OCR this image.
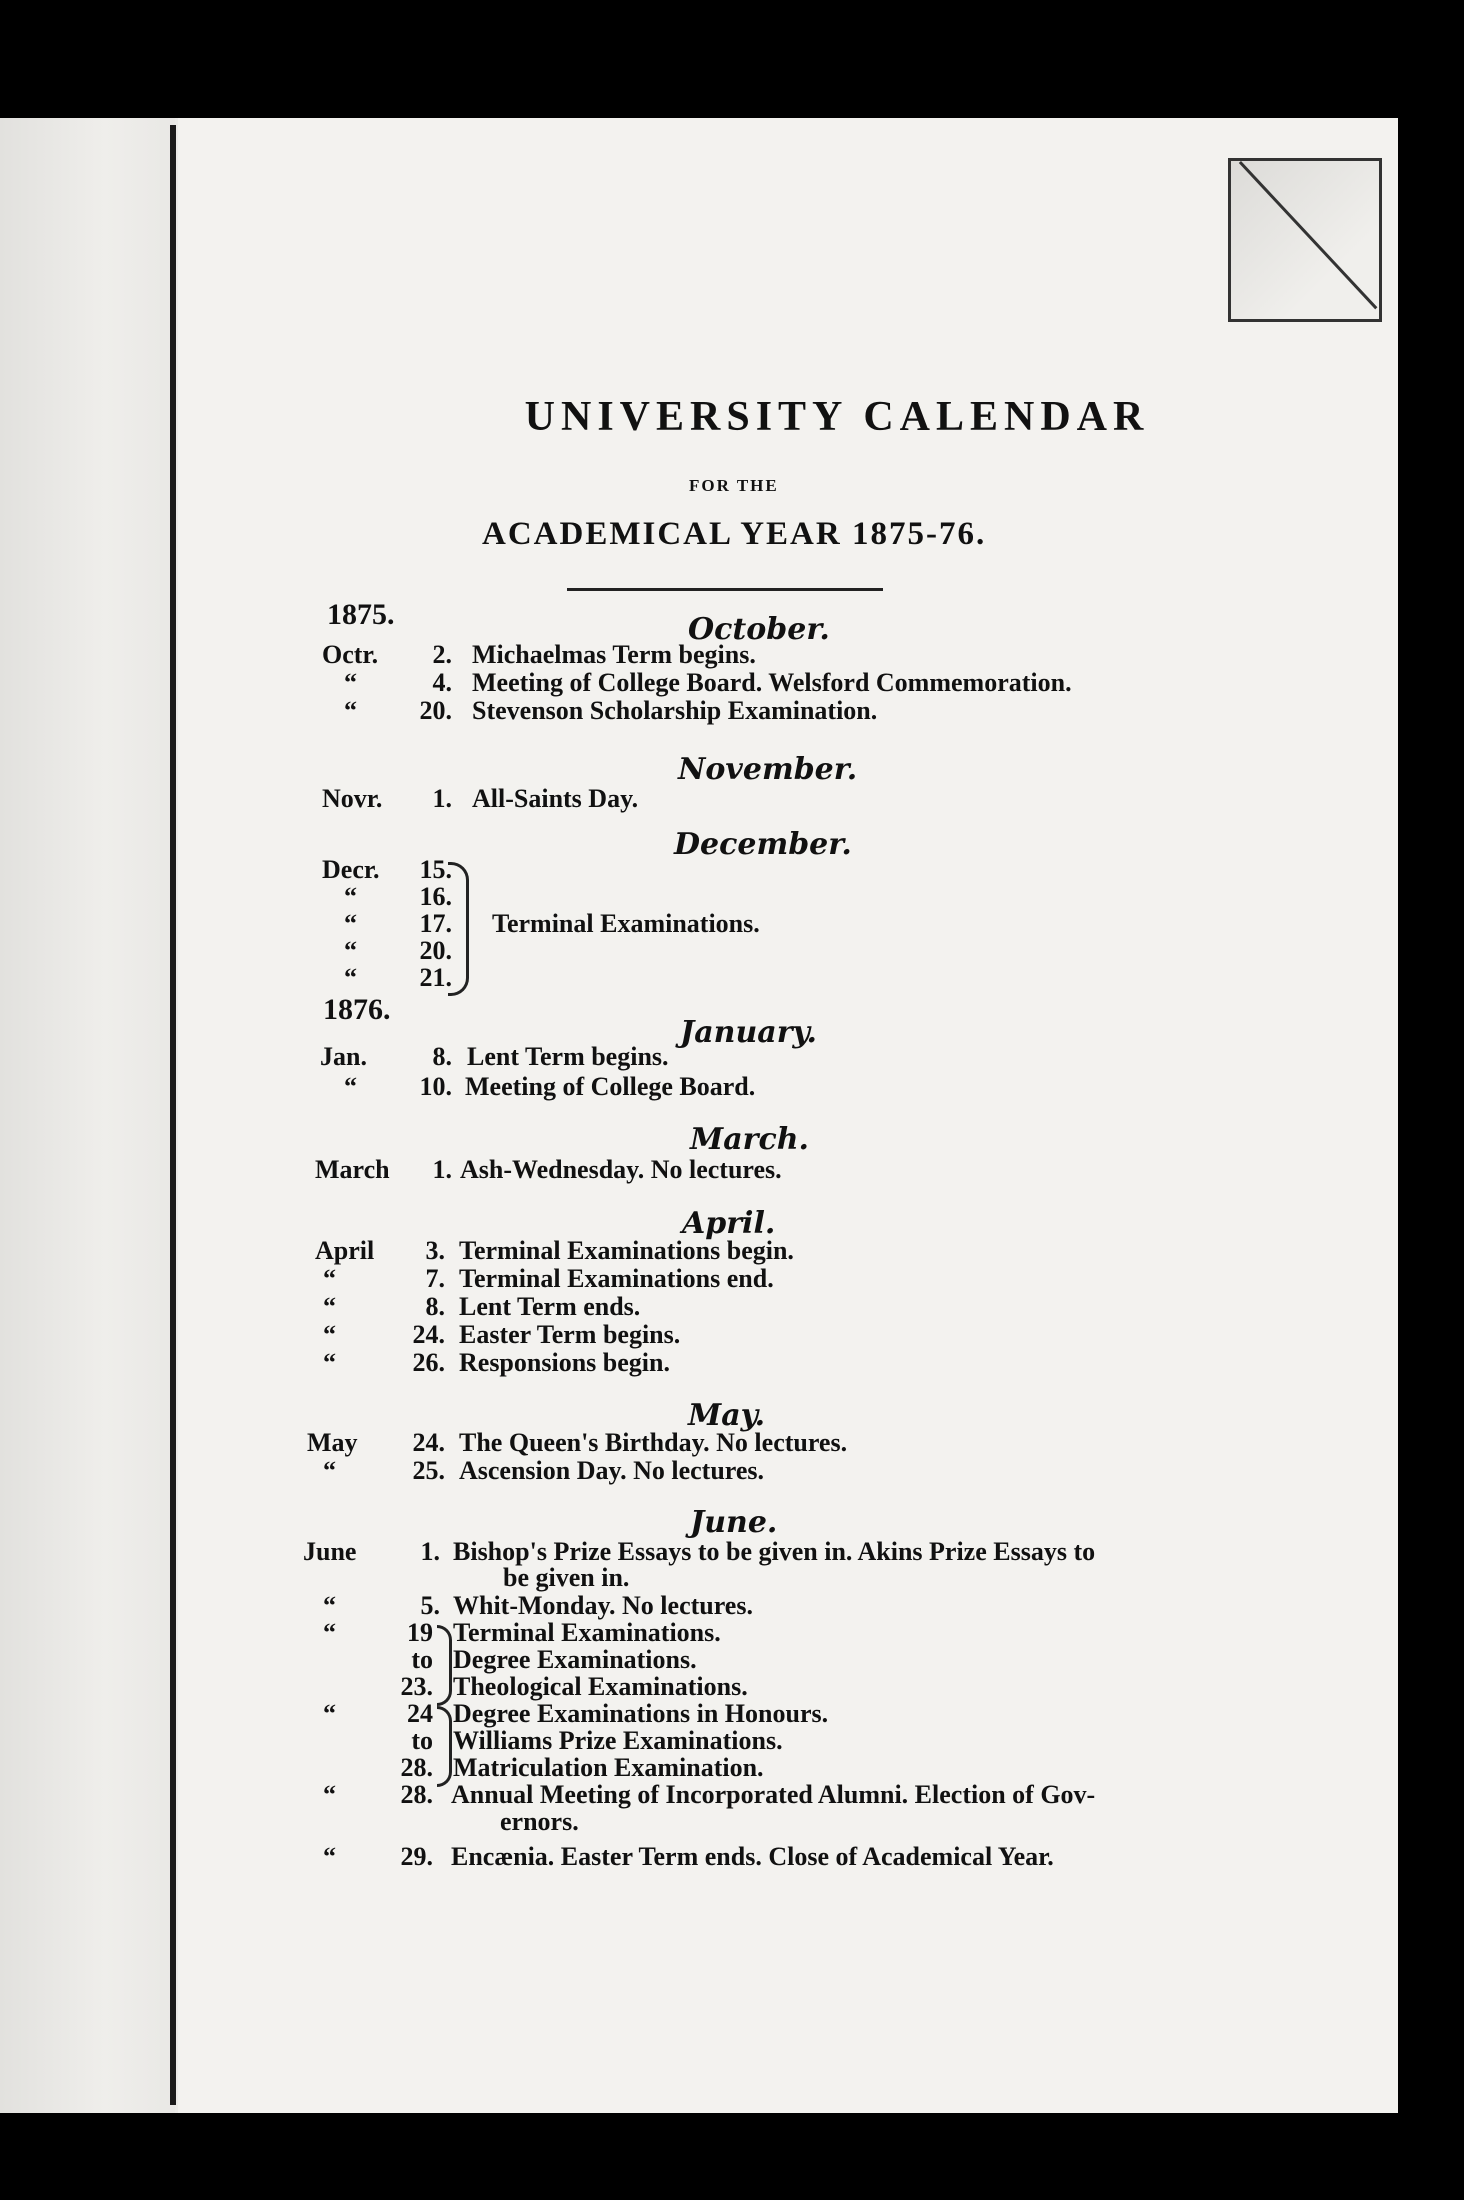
UNIVERSITY CALENDAR
FOR THE
ACADEMICAL YEAR 1875-76.
1875.	October.
Octr.	2. Michaelmas Term begins.
“	4. Meeting of College Board. Welsford Commemoration.
“	20. Stevenson Scholarship Examination.
November.
Novr.	1. All-Saints Day.
December.
Decr.	15.
“	16.
“	17. Terminal Examinations.
“	20.
“	21.
1876.
January.
Jan.	8. Lent Term begins.
“	10. Meeting of College Board.
March.
March	1. Ash-Wednesday. No lectures.
April.
April	3. Terminal Examinations begin.
“	7. Terminal Examinations end.
“	8. Lent Term ends.
“	24. Easter Term begins.
“	26. Responsions begin.
May.
May	24. The Queen's Birthday. No lectures.
“	25. Ascension Day. No lectures.
June.
June	1. Bishop's Prize Essays to be given in. Akins Prize Essays to
be given in.
“	5. Whit-Monday. No lectures.
“	19 Terminal Examinations.
to Degree Examinations.
23. Theological Examinations.
“	24 Degree Examinations in Honours.
to Williams Prize Examinations.
28. Matriculation Examination.
“	28. Annual Meeting of Incorporated Alumni. Election of Gov-
ernors.
“	29. Encænia. Easter Term ends. Close of Academical Year.
